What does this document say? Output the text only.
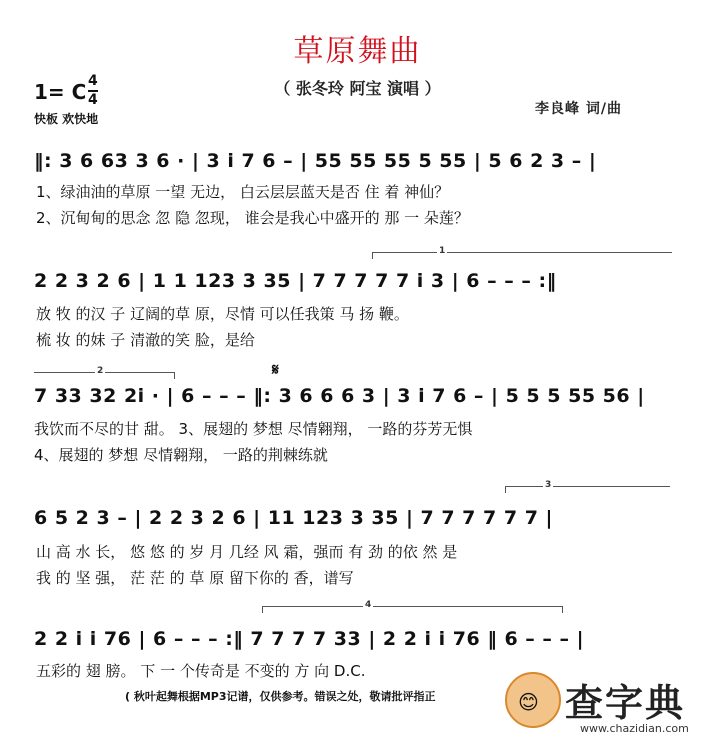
草原舞曲
（ 张冬玲 阿宝 演唱 ）
1= C 4
4
快板 欢快地
李良峰 词/曲
‖: 3 6 63 3 6 · | 3 i 7 6 – | 55 55 55 5 55 | 5 6 2 3 – |
1、绿油油的草原 一望 无边， 白云层层蓝天是否 住 着 神仙？
2、沉甸甸的思念 忽 隐 忽现， 谁会是我心中盛开的 那 一 朵莲？
1
2 2 3 2 6 | 1 1 123 3 35 | 7 7 7 7 7 i 3 | 6 – – – :‖
放 牧 的汉 子 辽阔的草 原，尽情 可以任我策 马 扬 鞭。
梳 妆 的妹 子 清澈的笑 脸，是给
2	𝄋
7 33 32 2i · | 6 – – – ‖: 3 6 6 6 3 | 3 i 7 6 – | 5 5 5 55 56 |
我饮而不尽的甘 甜。 3、展翅的 梦想 尽情翱翔， 一路的芬芳无惧
4、展翅的 梦想 尽情翱翔， 一路的荆棘练就
3
6 5 2 3 – | 2 2 3 2 6 | 11 123 3 35 | 7 7 7 7 7 7 |
山 高 水 长， 悠 悠 的 岁 月 几经 风 霜，强而 有 劲 的依 然 是
我 的 坚 强， 茫 茫 的 草 原 留下你的 香，谱写
4
2 2 i i 76 | 6 – – – :‖ 7 7 7 7 33 | 2 2 i i 76 ‖ 6 – – – |
五彩的 翅 膀。 下 一 个传奇是 不变的 方 向 D.C.
( 秋叶起舞根据MP3记谱，仅供参考。错误之处，敬请批评指正	😊 查字典
www.chazidian.com
